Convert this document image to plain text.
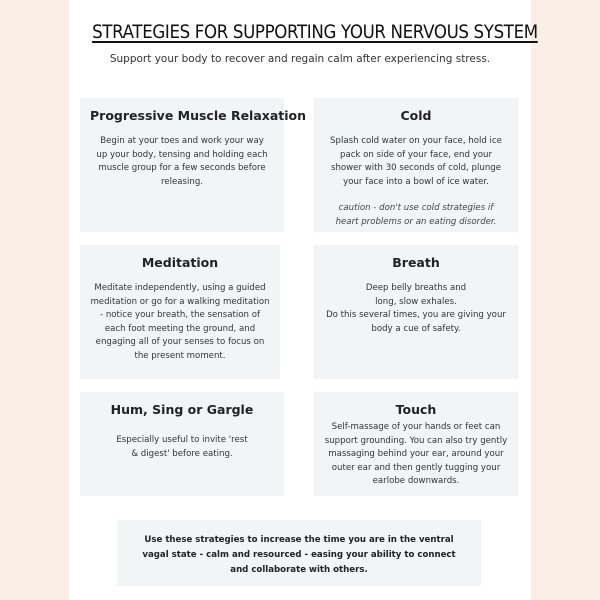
STRATEGIES FOR SUPPORTING YOUR NERVOUS SYSTEM
Support your body to recover and regain calm after experiencing stress.
Progressive Muscle Relaxation
Begin at your toes and work your way up your body, tensing and holding each muscle group for a few seconds before releasing.
Cold
Splash cold water on your face, hold ice pack on side of your face, end your shower with 30 seconds of cold, plunge your face into a bowl of ice water.
caution - don't use cold strategies if heart problems or an eating disorder.
Meditation
Meditate independently, using a guided meditation or go for a walking meditation - notice your breath, the sensation of each foot meeting the ground, and engaging all of your senses to focus on the present moment.
Breath
Deep belly breaths and
long, slow exhales.
Do this several times, you are giving your
body a cue of safety.
Hum, Sing or Gargle
Especially useful to invite 'rest & digest' before eating.
Touch
Self-massage of your hands or feet can support grounding. You can also try gently massaging behind your ear, around your outer ear and then gently tugging your earlobe downwards.
Use these strategies to increase the time you are in the ventral vagal state - calm and resourced - easing your ability to connect and collaborate with others.
